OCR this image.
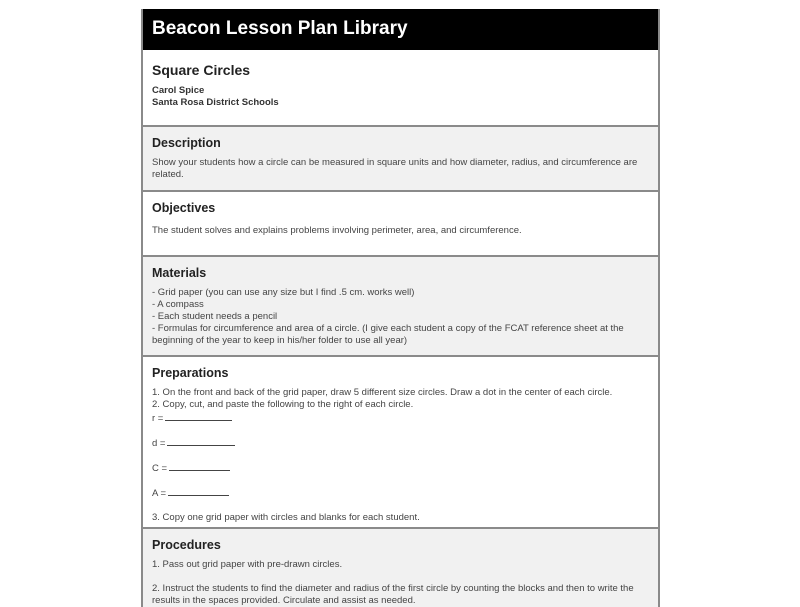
Beacon Lesson Plan Library
Square Circles
Carol Spice
Santa Rosa District Schools
Description
Show your students how a circle can be measured in square units and how diameter, radius, and circumference are related.
Objectives
The student solves and explains problems involving perimeter, area, and circumference.
Materials
- Grid paper (you can use any size but I find .5 cm. works well)
- A compass
- Each student needs a pencil
- Formulas for circumference and area of a circle. (I give each student a copy of the FCAT reference sheet at the beginning of the year to keep in his/her folder to use all year)
Preparations
1. On the front and back of the grid paper, draw 5 different size circles. Draw a dot in the center of each circle.
2. Copy, cut, and paste the following to the right of each circle.
r =
d =
C =
A =
3. Copy one grid paper with circles and blanks for each student.
Procedures
1. Pass out grid paper with pre-drawn circles.
2. Instruct the students to find the diameter and radius of the first circle by counting the blocks and then to write the results in the spaces provided. Circulate and assist as needed.
